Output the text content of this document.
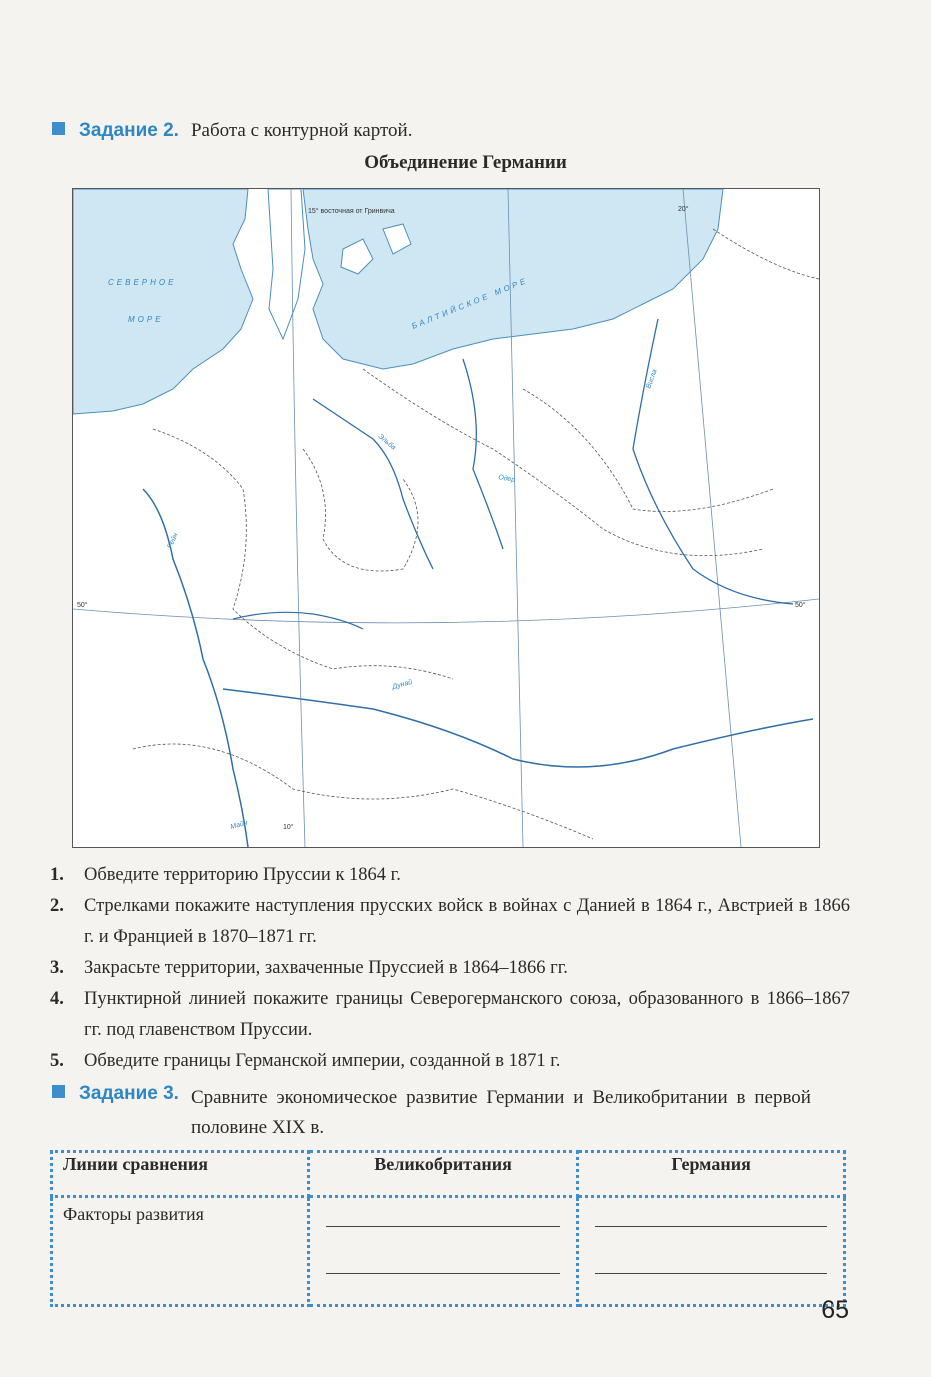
Задание 2. Работа с контурной картой.
Объединение Германии
СЕВЕРНОЕ
МОРЕ	БАЛТИЙСКОЕ МОРЕ
15° восточная от Гринвича	20°
50°	50°
10°
Рейн
Эльба
Одер
Висла
Дунай
Майн
1. Обведите территорию Пруссии к 1864 г.
2. Стрелками покажите наступления прусских войск в войнах с Данией в 1864 г., Австрией в 1866 г. и Францией в 1870–1871 гг.
3. Закрасьте территории, захваченные Пруссией в 1864–1866 гг.
4. Пунктирной линией покажите границы Северогерманского союза, образованного в 1866–1867 гг. под главенством Пруссии.
5. Обведите границы Германской империи, созданной в 1871 г.
Задание 3. Сравните экономическое развитие Германии и Великобритании в первой половине XIX в.
Линии сравнения	Великобритания	Германия
Факторы развития	

65
